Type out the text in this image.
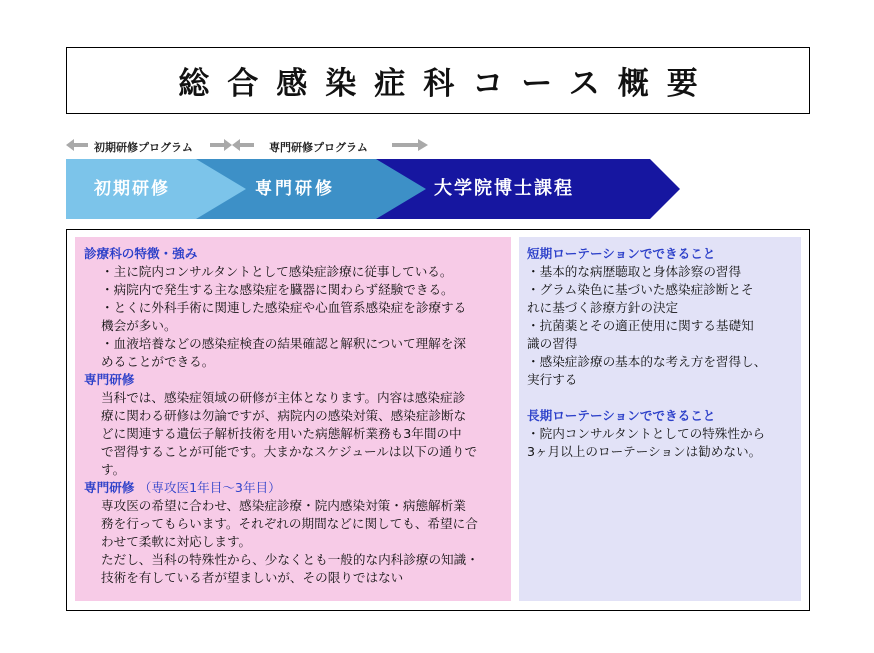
総合感染症科コース概要
初期研修プログラム	専門研修プログラム
初期研修	専門研修	大学院博士課程
診療科の特徴・強み
・主に院内コンサルタントとして感染症診療に従事している。
・病院内で発生する主な感染症を臓器に関わらず経験できる。
・とくに外科手術に関連した感染症や心血管系感染症を診療する
機会が多い。
・血液培養などの感染症検査の結果確認と解釈について理解を深
めることができる。
専門研修
当科では、感染症領域の研修が主体となります。内容は感染症診
療に関わる研修は勿論ですが、病院内の感染対策、感染症診断な
どに関連する遺伝子解析技術を用いた病態解析業務も3年間の中
で習得することが可能です。大まかなスケジュールは以下の通りで
す。
専門研修 （専攻医1年目～3年目）
専攻医の希望に合わせ、感染症診療・院内感染対策・病態解析業
務を行ってもらいます。それぞれの期間などに関しても、希望に合
わせて柔軟に対応します。
ただし、当科の特殊性から、少なくとも一般的な内科診療の知識・
技術を有している者が望ましいが、その限りではない
短期ローテーションでできること
・基本的な病歴聴取と身体診察の習得
・グラム染色に基づいた感染症診断とそ
れに基づく診療方針の決定
・抗菌薬とその適正使用に関する基礎知
識の習得
・感染症診療の基本的な考え方を習得し、
実行する
長期ローテーションでできること
・院内コンサルタントとしての特殊性から
3ヶ月以上のローテーションは勧めない。
